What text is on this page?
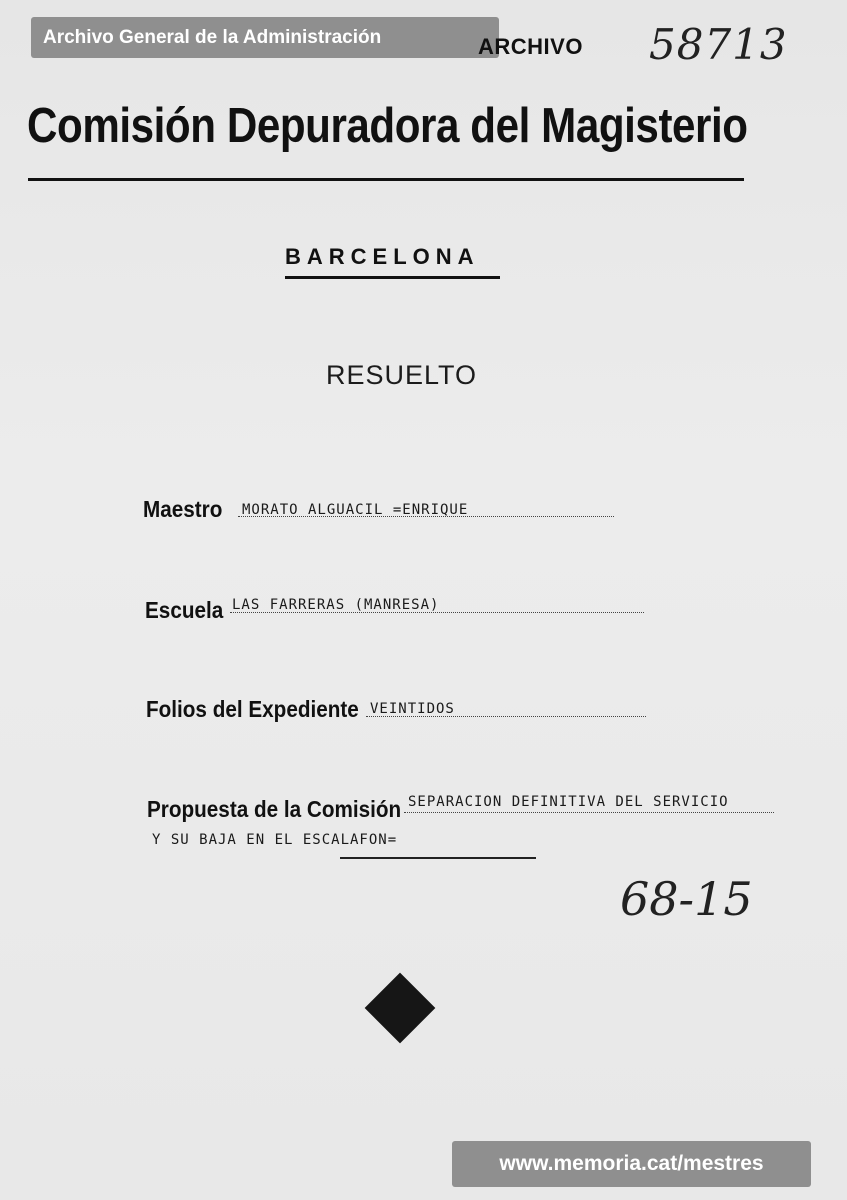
Archivo General de la Administración	ARCHIVO 58713
Comisión Depuradora del Magisterio
BARCELONA
RESUELTO
Maestro MORATO ALGUACIL =ENRIQUE
Escuela LAS FARRERAS (MANRESA)
Folios del Expediente VEINTIDOS
Propuesta de la Comisión SEPARACION DEFINITIVA DEL SERVICIO
Y SU BAJA EN EL ESCALAFON=
68-15
www.memoria.cat/mestres
